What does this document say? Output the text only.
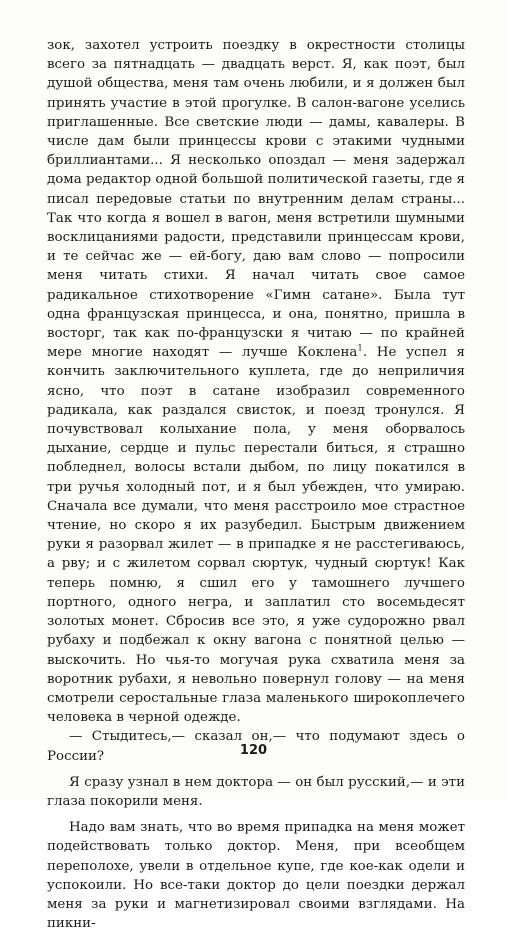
зок, захотел устроить поездку в окрестности столицы всего за пятнадцать — двадцать верст. Я, как поэт, был душой общества, меня там очень любили, и я должен был принять участие в этой прогулке. В салон-вагоне уселись приглашенные. Все светские люди — дамы, кавалеры. В числе дам были принцессы крови с этакими чудными бриллиантами... Я несколько опоздал — меня задержал дома редактор одной большой политической газеты, где я писал передовые статьи по внутренним делам страны... Так что когда я вошел в вагон, меня встретили шумными восклицаниями радости, представили принцессам крови, и те сейчас же — ей-богу, даю вам слово — попросили меня читать стихи. Я начал читать свое самое радикальное стихотворение «Гимн сатане». Была тут одна французская принцесса, и она, понятно, пришла в восторг, так как по-французски я читаю — по крайней мере многие находят — лучше Коклена$^1$. Не успел я кончить заключительного куплета, где до неприличия ясно, что поэт в сатане изобразил современного радикала, как раздался свисток, и поезд тронулся. Я почувствовал колыхание пола, у меня оборвалось дыхание, сердце и пульс перестали биться, я страшно побледнел, волосы встали дыбом, по лицу покатился в три ручья холодный пот, и я был убежден, что умираю. Сначала все думали, что меня расстроило мое страстное чтение, но скоро я их разубедил. Быстрым движением руки я разорвал жилет — в припадке я не расстегиваюсь, а рву; и с жилетом сорвал сюртук, чудный сюртук! Как теперь помню, я сшил его у тамошнего лучшего портного, одного негра, и заплатил сто восемьдесят золотых монет. Сбросив все это, я уже судорожно рвал рубаху и подбежал к окну вагона с понятной целью — выскочить. Но чья-то могучая рука схватила меня за воротник рубахи, я невольно повернул голову — на меня смотрели серостальные глаза маленького широкоплечего человека в черной одежде.

— Стыдитесь,— сказал он,— что подумают здесь о России?

Я сразу узнал в нем доктора — он был русский,— и эти глаза покорили меня.

Надо вам знать, что во время припадка на меня может подействовать только доктор. Меня, при всеобщем переполохе, увели в отдельное купе, где кое-как одели и успокоили. Но все-таки доктор до цели поездки держал меня за руки и магнетизировал своими взглядами. На пикни-

120
